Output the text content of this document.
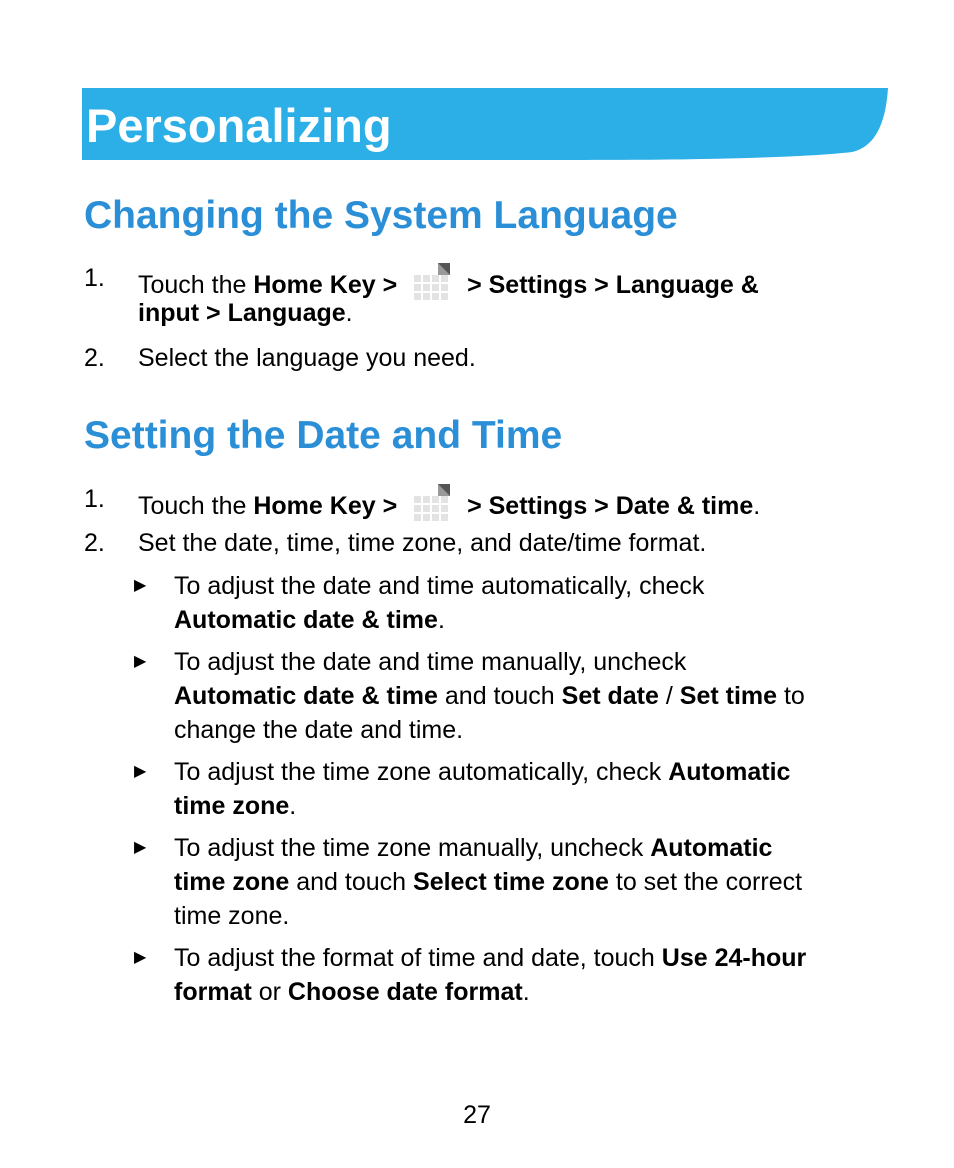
Personalizing
Changing the System Language
1. Touch the Home Key >  > Settings > Language &
input > Language.
2. Select the language you need.
Setting the Date and Time
1. Touch the Home Key >  > Settings > Date & time.
2. Set the date, time, time zone, and date/time format.
▶ To adjust the date and time automatically, check
Automatic date & time.
▶ To adjust the date and time manually, uncheck
Automatic date & time and touch Set date / Set time to
change the date and time.
▶ To adjust the time zone automatically, check Automatic
time zone.
▶ To adjust the time zone manually, uncheck Automatic
time zone and touch Select time zone to set the correct
time zone.
▶ To adjust the format of time and date, touch Use 24-hour
format or Choose date format.
27
